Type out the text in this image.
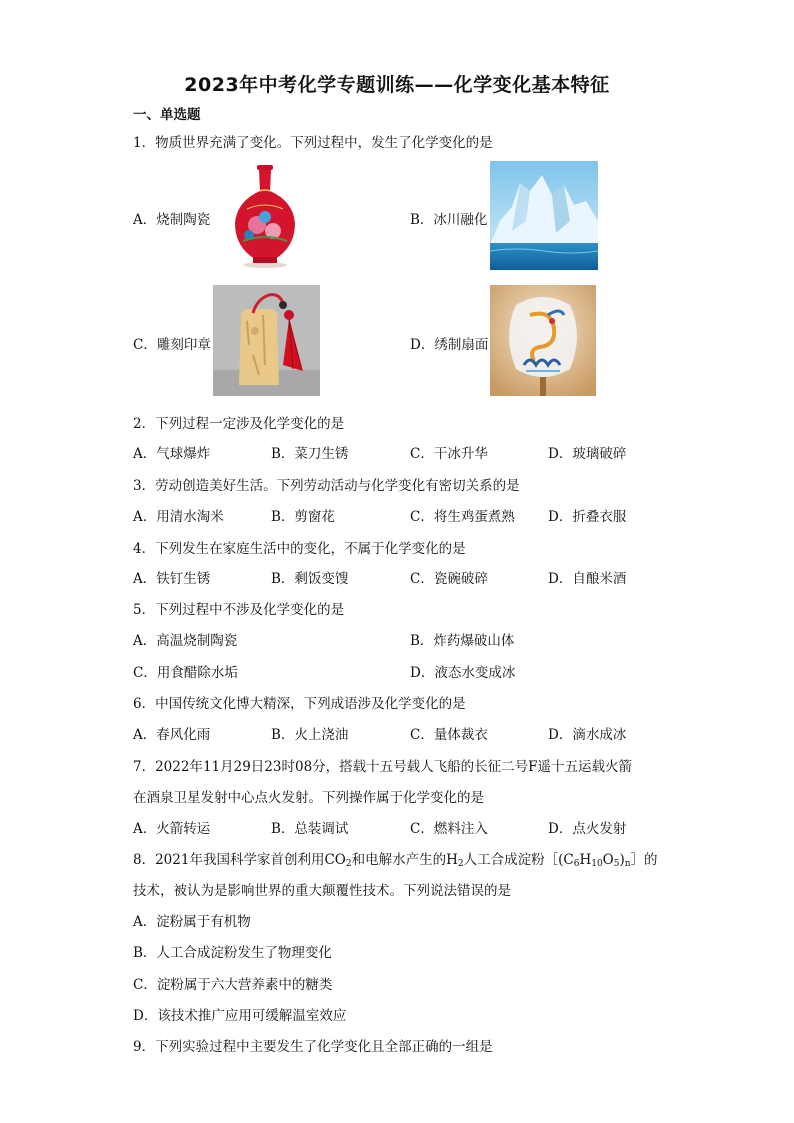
2023年中考化学专题训练——化学变化基本特征
一、单选题
1．物质世界充满了变化。下列过程中，发生了化学变化的是
A．烧制陶瓷	B．冰川融化
C．雕刻印章	D．绣制扇面
2．下列过程一定涉及化学变化的是
A．气球爆炸	B．菜刀生锈	C．干冰升华	D．玻璃破碎
3．劳动创造美好生活。下列劳动活动与化学变化有密切关系的是
A．用清水淘米	B．剪窗花	C．将生鸡蛋煮熟 D．折叠衣服
4．下列发生在家庭生活中的变化，不属于化学变化的是
A．铁钉生锈	B．剩饭变馊	C．瓷碗破碎	D．自酿米酒
5．下列过程中不涉及化学变化的是
A．高温烧制陶瓷	B．炸药爆破山体
C．用食醋除水垢	D．液态水变成冰
6．中国传统文化博大精深，下列成语涉及化学变化的是
A．春风化雨	B．火上浇油	C．量体裁衣	D．滴水成冰
7．2022年11月29日23时08分，搭载十五号载人飞船的长征二号F遥十五运载火箭
在酒泉卫星发射中心点火发射。下列操作属于化学变化的是
A．火箭转运	B．总装调试	C．燃料注入	D．点火发射
8．2021年我国科学家首创利用$CO_2$和电解水产生的$H_2$人工合成淀粉$[(C_6H_{10}O_5)_n]$的
技术，被认为是影响世界的重大颠覆性技术。下列说法错误的是
A．淀粉属于有机物
B．人工合成淀粉发生了物理变化
C．淀粉属于六大营养素中的糖类
D．该技术推广应用可缓解温室效应
9．下列实验过程中主要发生了化学变化且全部正确的一组是
